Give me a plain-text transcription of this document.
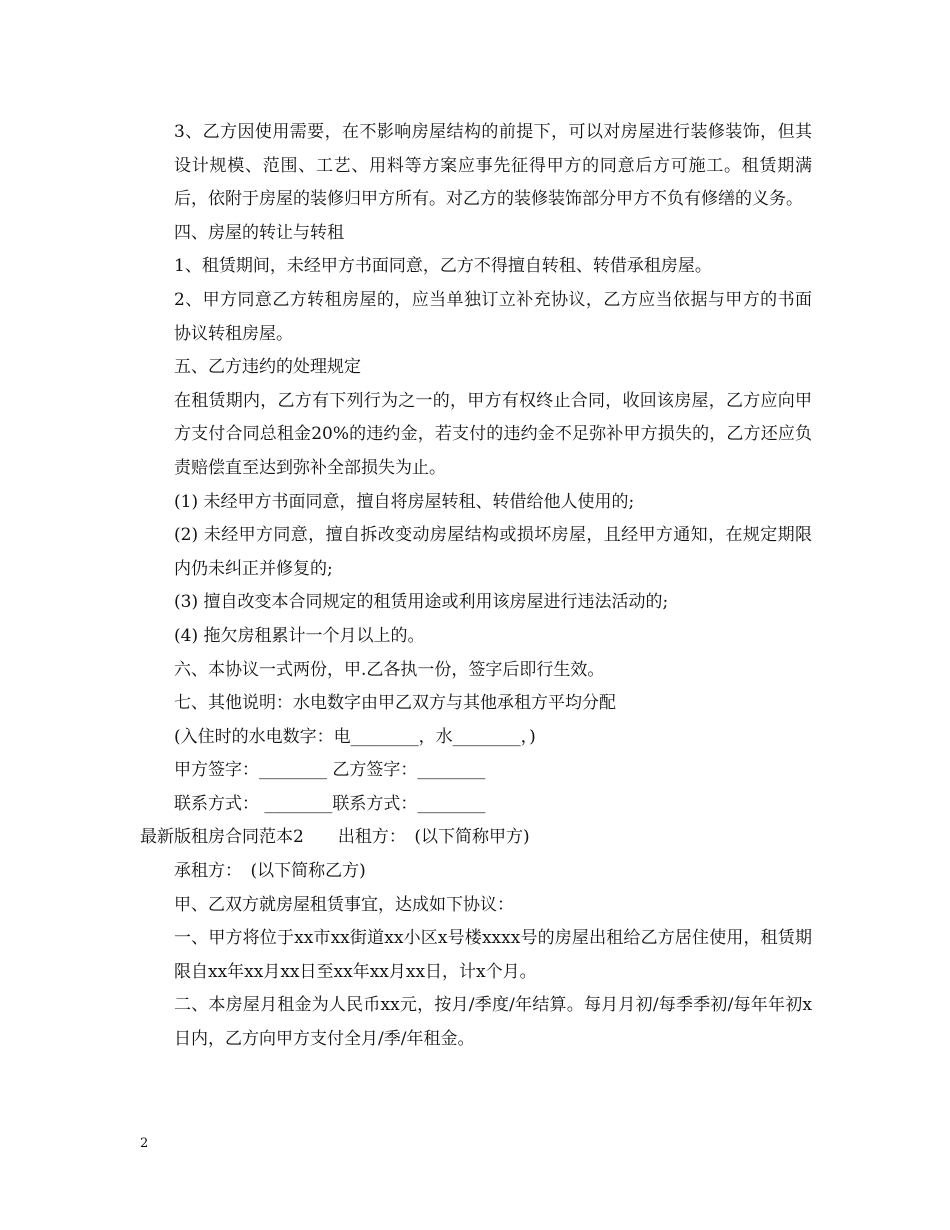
3、乙方因使用需要，在不影响房屋结构的前提下，可以对房屋进行装修装饰，但其设计规模、范围、工艺、用料等方案应事先征得甲方的同意后方可施工。租赁期满后，依附于房屋的装修归甲方所有。对乙方的装修装饰部分甲方不负有修缮的义务。

四、房屋的转让与转租

1、租赁期间，未经甲方书面同意，乙方不得擅自转租、转借承租房屋。

2、甲方同意乙方转租房屋的，应当单独订立补充协议，乙方应当依据与甲方的书面协议转租房屋。

五、乙方违约的处理规定

在租赁期内，乙方有下列行为之一的，甲方有权终止合同，收回该房屋，乙方应向甲方支付合同总租金20%的违约金，若支付的违约金不足弥补甲方损失的，乙方还应负责赔偿直至达到弥补全部损失为止。

(1) 未经甲方书面同意，擅自将房屋转租、转借给他人使用的;

(2) 未经甲方同意，擅自拆改变动房屋结构或损坏房屋，且经甲方通知，在规定期限内仍未纠正并修复的;

(3) 擅自改变本合同规定的租赁用途或利用该房屋进行违法活动的;

(4) 拖欠房租累计一个月以上的。

六、本协议一式两份，甲.乙各执一份，签字后即行生效。

七、其他说明：水电数字由甲乙双方与其他承租方平均分配

(入住时的水电数字：电________，水________，)

甲方签字：________ 乙方签字：________

联系方式： ________联系方式：________

最新版租房合同范本2　　出租方：　(以下简称甲方)

承租方：　(以下简称乙方)

甲、乙双方就房屋租赁事宜，达成如下协议：

一、甲方将位于xx市xx街道xx小区x号楼xxxx号的房屋出租给乙方居住使用，租赁期限自xx年xx月xx日至xx年xx月xx日，计x个月。

二、本房屋月租金为人民币xx元，按月/季度/年结算。每月月初/每季季初/每年年初x日内，乙方向甲方支付全月/季/年租金。

2
